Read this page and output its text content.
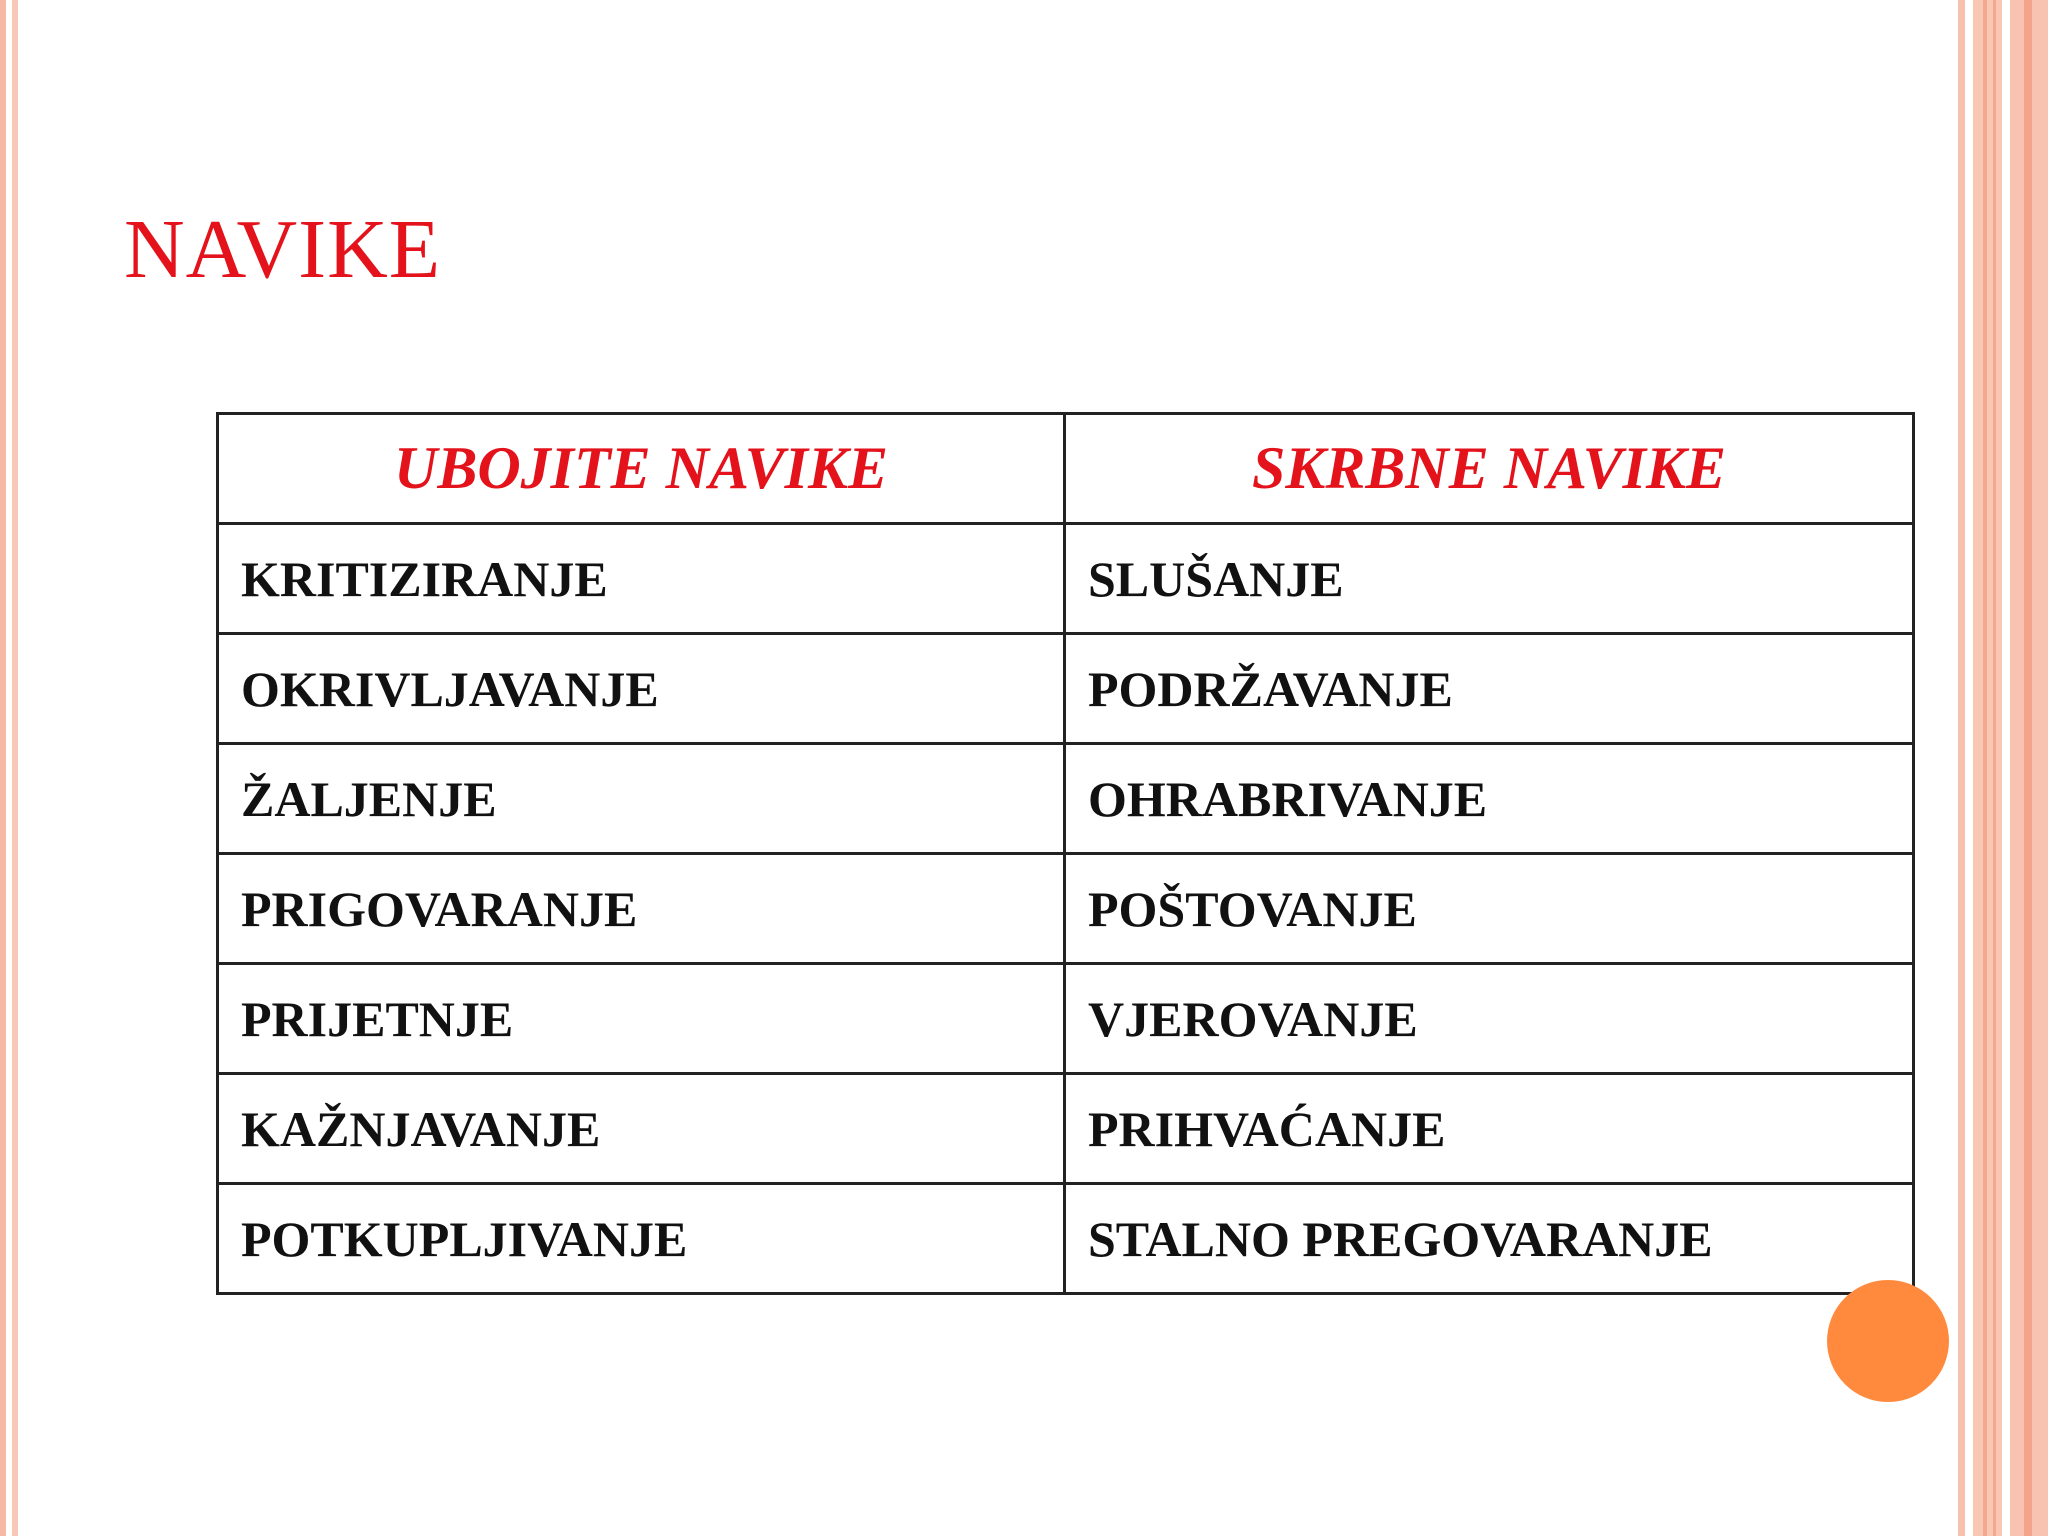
NAVIKE
UBOJITE NAVIKE	SKRBNE NAVIKE
KRITIZIRANJE	SLUŠANJE
OKRIVLJAVANJE	PODRŽAVANJE
ŽALJENJE	OHRABRIVANJE
PRIGOVARANJE	POŠTOVANJE
PRIJETNJE	VJEROVANJE
KAŽNJAVANJE	PRIHVAĆANJE
POTKUPLJIVANJE	STALNO PREGOVARANJE
